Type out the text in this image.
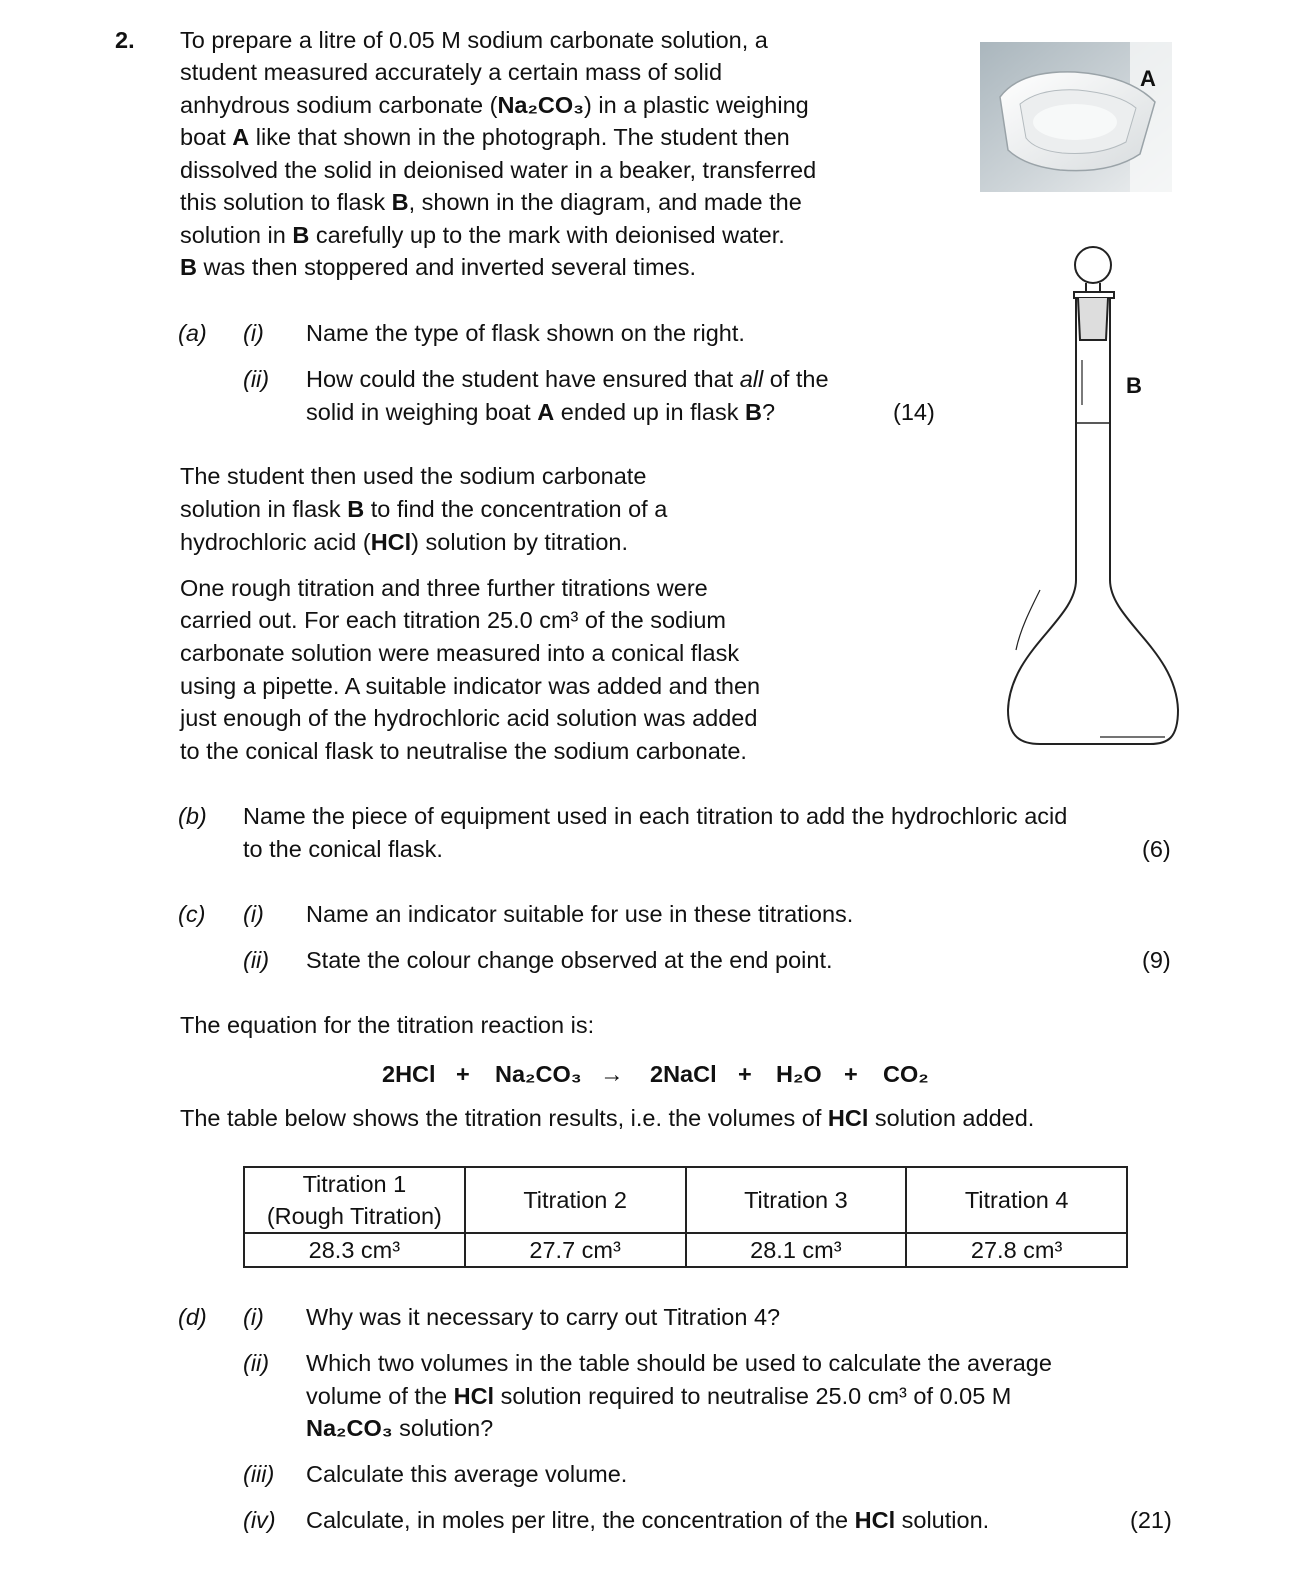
2. To prepare a litre of 0.05 M sodium carbonate solution, a
student measured accurately a certain mass of solid
anhydrous sodium carbonate (Na₂CO₃) in a plastic weighing
boat A like that shown in the photograph. The student then
dissolved the solid in deionised water in a beaker, transferred
this solution to flask B, shown in the diagram, and made the
solution in B carefully up to the mark with deionised water.
B was then stoppered and inverted several times.
A
B
(a) (i) Name the type of flask shown on the right.
(ii) How could the student have ensured that all of the
solid in weighing boat A ended up in flask B?	(14)
The student then used the sodium carbonate
solution in flask B to find the concentration of a
hydrochloric acid (HCl) solution by titration.
One rough titration and three further titrations were
carried out. For each titration 25.0 cm³ of the sodium
carbonate solution were measured into a conical flask
using a pipette. A suitable indicator was added and then
just enough of the hydrochloric acid solution was added
to the conical flask to neutralise the sodium carbonate.
(b) Name the piece of equipment used in each titration to add the hydrochloric acid
to the conical flask.	(6)
(c) (i) Name an indicator suitable for use in these titrations.
(ii) State the colour change observed at the end point.	(9)
The equation for the titration reaction is:
2HCl + Na₂CO₃ → 2NaCl + H₂O + CO₂
The table below shows the titration results, i.e. the volumes of HCl solution added.
Titration 1
(Rough Titration)	Titration 2	Titration 3	Titration 4
28.3 cm³	27.7 cm³	28.1 cm³	27.8 cm³
(d) (i) Why was it necessary to carry out Titration 4?
(ii) Which two volumes in the table should be used to calculate the average
volume of the HCl solution required to neutralise 25.0 cm³ of 0.05 M
Na₂CO₃ solution?
(iii) Calculate this average volume.
(iv) Calculate, in moles per litre, the concentration of the HCl solution.	(21)
